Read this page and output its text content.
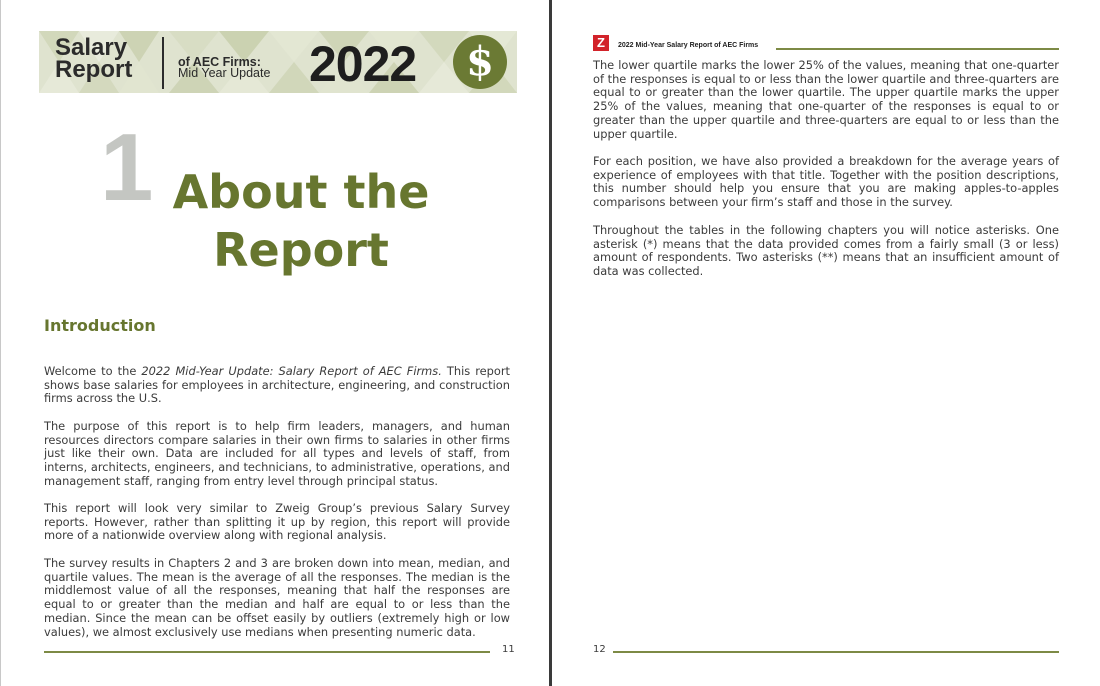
Salary
Report	of AEC Firms:
Mid Year Update 2022	$
1 About the
Report
Introduction

Welcome to the 2022 Mid-Year Update: Salary Report of AEC Firms. This report shows base salaries for employees in architecture, engineering, and construction firms across the U.S.

The purpose of this report is to help firm leaders, managers, and human resources directors compare salaries in their own firms to salaries in other firms just like their own. Data are included for all types and levels of staff, from interns, architects, engineers, and technicians, to administrative, operations, and management staff, ranging from entry level through principal status.

This report will look very similar to Zweig Group’s previous Salary Survey reports. However, rather than splitting it up by region, this report will provide more of a nationwide overview along with regional analysis.

The survey results in Chapters 2 and 3 are broken down into mean, median, and quartile values. The mean is the average of all the responses. The median is the middlemost value of all the responses, meaning that half the responses are equal to or greater than the median and half are equal to or less than the median. Since the mean can be offset easily by outliers (extremely high or low values), we almost exclusively use medians when presenting numeric data.

11
Z	2022 Mid-Year Salary Report of AEC Firms

The lower quartile marks the lower 25% of the values, meaning that one-quarter of the responses is equal to or less than the lower quartile and three-quarters are equal to or greater than the lower quartile. The upper quartile marks the upper 25% of the values, meaning that one-quarter of the responses is equal to or greater than the upper quartile and three-quarters are equal to or less than the upper quartile.

For each position, we have also provided a breakdown for the average years of experience of employees with that title. Together with the position descriptions, this number should help you ensure that you are making apples-to-apples comparisons between your firm’s staff and those in the survey.

Throughout the tables in the following chapters you will notice asterisks. One asterisk (*) means that the data provided comes from a fairly small (3 or less) amount of respondents. Two asterisks (**) means that an insufficient amount of data was collected.

12
